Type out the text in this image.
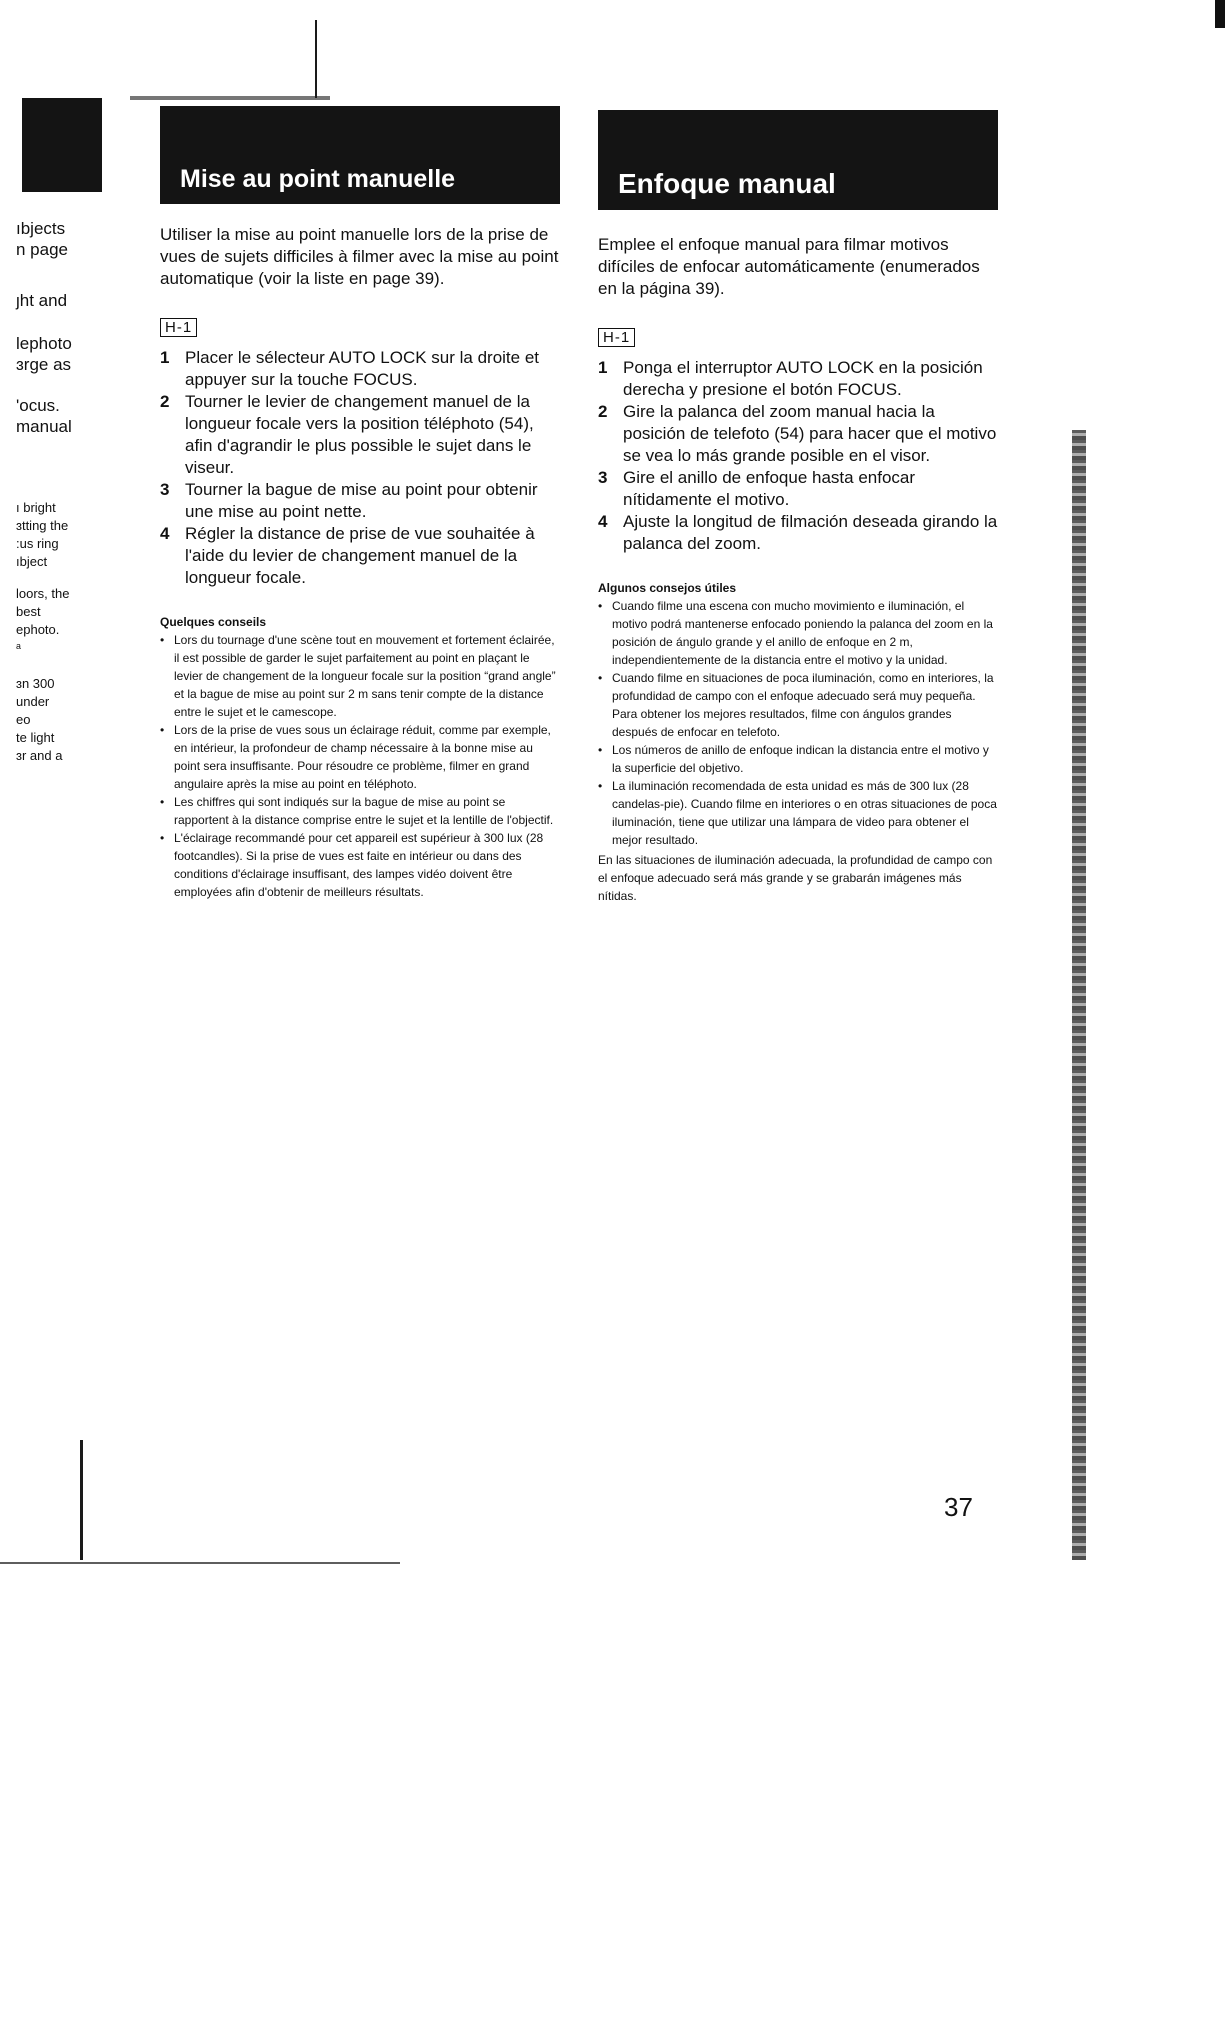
ıbjects
n page
ȷht and
lephoto
ɜrge as
'ocus.
manual
ı bright
ɜtting the
:us ring
ıbject
loors, the
best
ephoto.
ᵃ
ɜn 300
under
eo
te light
ɜr and a
Mise au point manuelle

Utiliser la mise au point manuelle lors de la prise de vues de sujets difficiles à filmer avec la mise au point automatique (voir la liste en page 39).

H-1
1 Placer le sélecteur AUTO LOCK sur la droite et appuyer sur la touche FOCUS.
2 Tourner le levier de changement manuel de la longueur focale vers la position téléphoto (54), afin d'agrandir le plus possible le sujet dans le viseur.
3 Tourner la bague de mise au point pour obtenir une mise au point nette.
4 Régler la distance de prise de vue souhaitée à l'aide du levier de changement manuel de la longueur focale.
Quelques conseils
• Lors du tournage d'une scène tout en mouvement et fortement éclairée, il est possible de garder le sujet parfaitement au point en plaçant le levier de changement de la longueur focale sur la position “grand angle” et la bague de mise au point sur 2 m sans tenir compte de la distance entre le sujet et le camescope.
• Lors de la prise de vues sous un éclairage réduit, comme par exemple, en intérieur, la profondeur de champ nécessaire à la bonne mise au point sera insuffisante. Pour résoudre ce problème, filmer en grand angulaire après la mise au point en téléphoto.
• Les chiffres qui sont indiqués sur la bague de mise au point se rapportent à la distance comprise entre le sujet et la lentille de l'objectif.
• L'éclairage recommandé pour cet appareil est supérieur à 300 lux (28 footcandles). Si la prise de vues est faite en intérieur ou dans des conditions d'éclairage insuffisant, des lampes vidéo doivent être employées afin d'obtenir de meilleurs résultats.
Enfoque manual

Emplee el enfoque manual para filmar motivos difíciles de enfocar automáticamente (enumerados en la página 39).

H-1
1 Ponga el interruptor AUTO LOCK en la posición derecha y presione el botón FOCUS.
2 Gire la palanca del zoom manual hacia la posición de telefoto (54) para hacer que el motivo se vea lo más grande posible en el visor.
3 Gire el anillo de enfoque hasta enfocar nítidamente el motivo.
4 Ajuste la longitud de filmación deseada girando la palanca del zoom.
Algunos consejos útiles
• Cuando filme una escena con mucho movimiento e iluminación, el motivo podrá mantenerse enfocado poniendo la palanca del zoom en la posición de ángulo grande y el anillo de enfoque en 2 m, independientemente de la distancia entre el motivo y la unidad.
• Cuando filme en situaciones de poca iluminación, como en interiores, la profundidad de campo con el enfoque adecuado será muy pequeña. Para obtener los mejores resultados, filme con ángulos grandes después de enfocar en telefoto.
• Los números de anillo de enfoque indican la distancia entre el motivo y la superficie del objetivo.
• La iluminación recomendada de esta unidad es más de 300 lux (28 candelas-pie). Cuando filme en interiores o en otras situaciones de poca iluminación, tiene que utilizar una lámpara de video para obtener el mejor resultado.
En las situaciones de iluminación adecuada, la profundidad de campo con el enfoque adecuado será más grande y se grabarán imágenes más nítidas.
37
